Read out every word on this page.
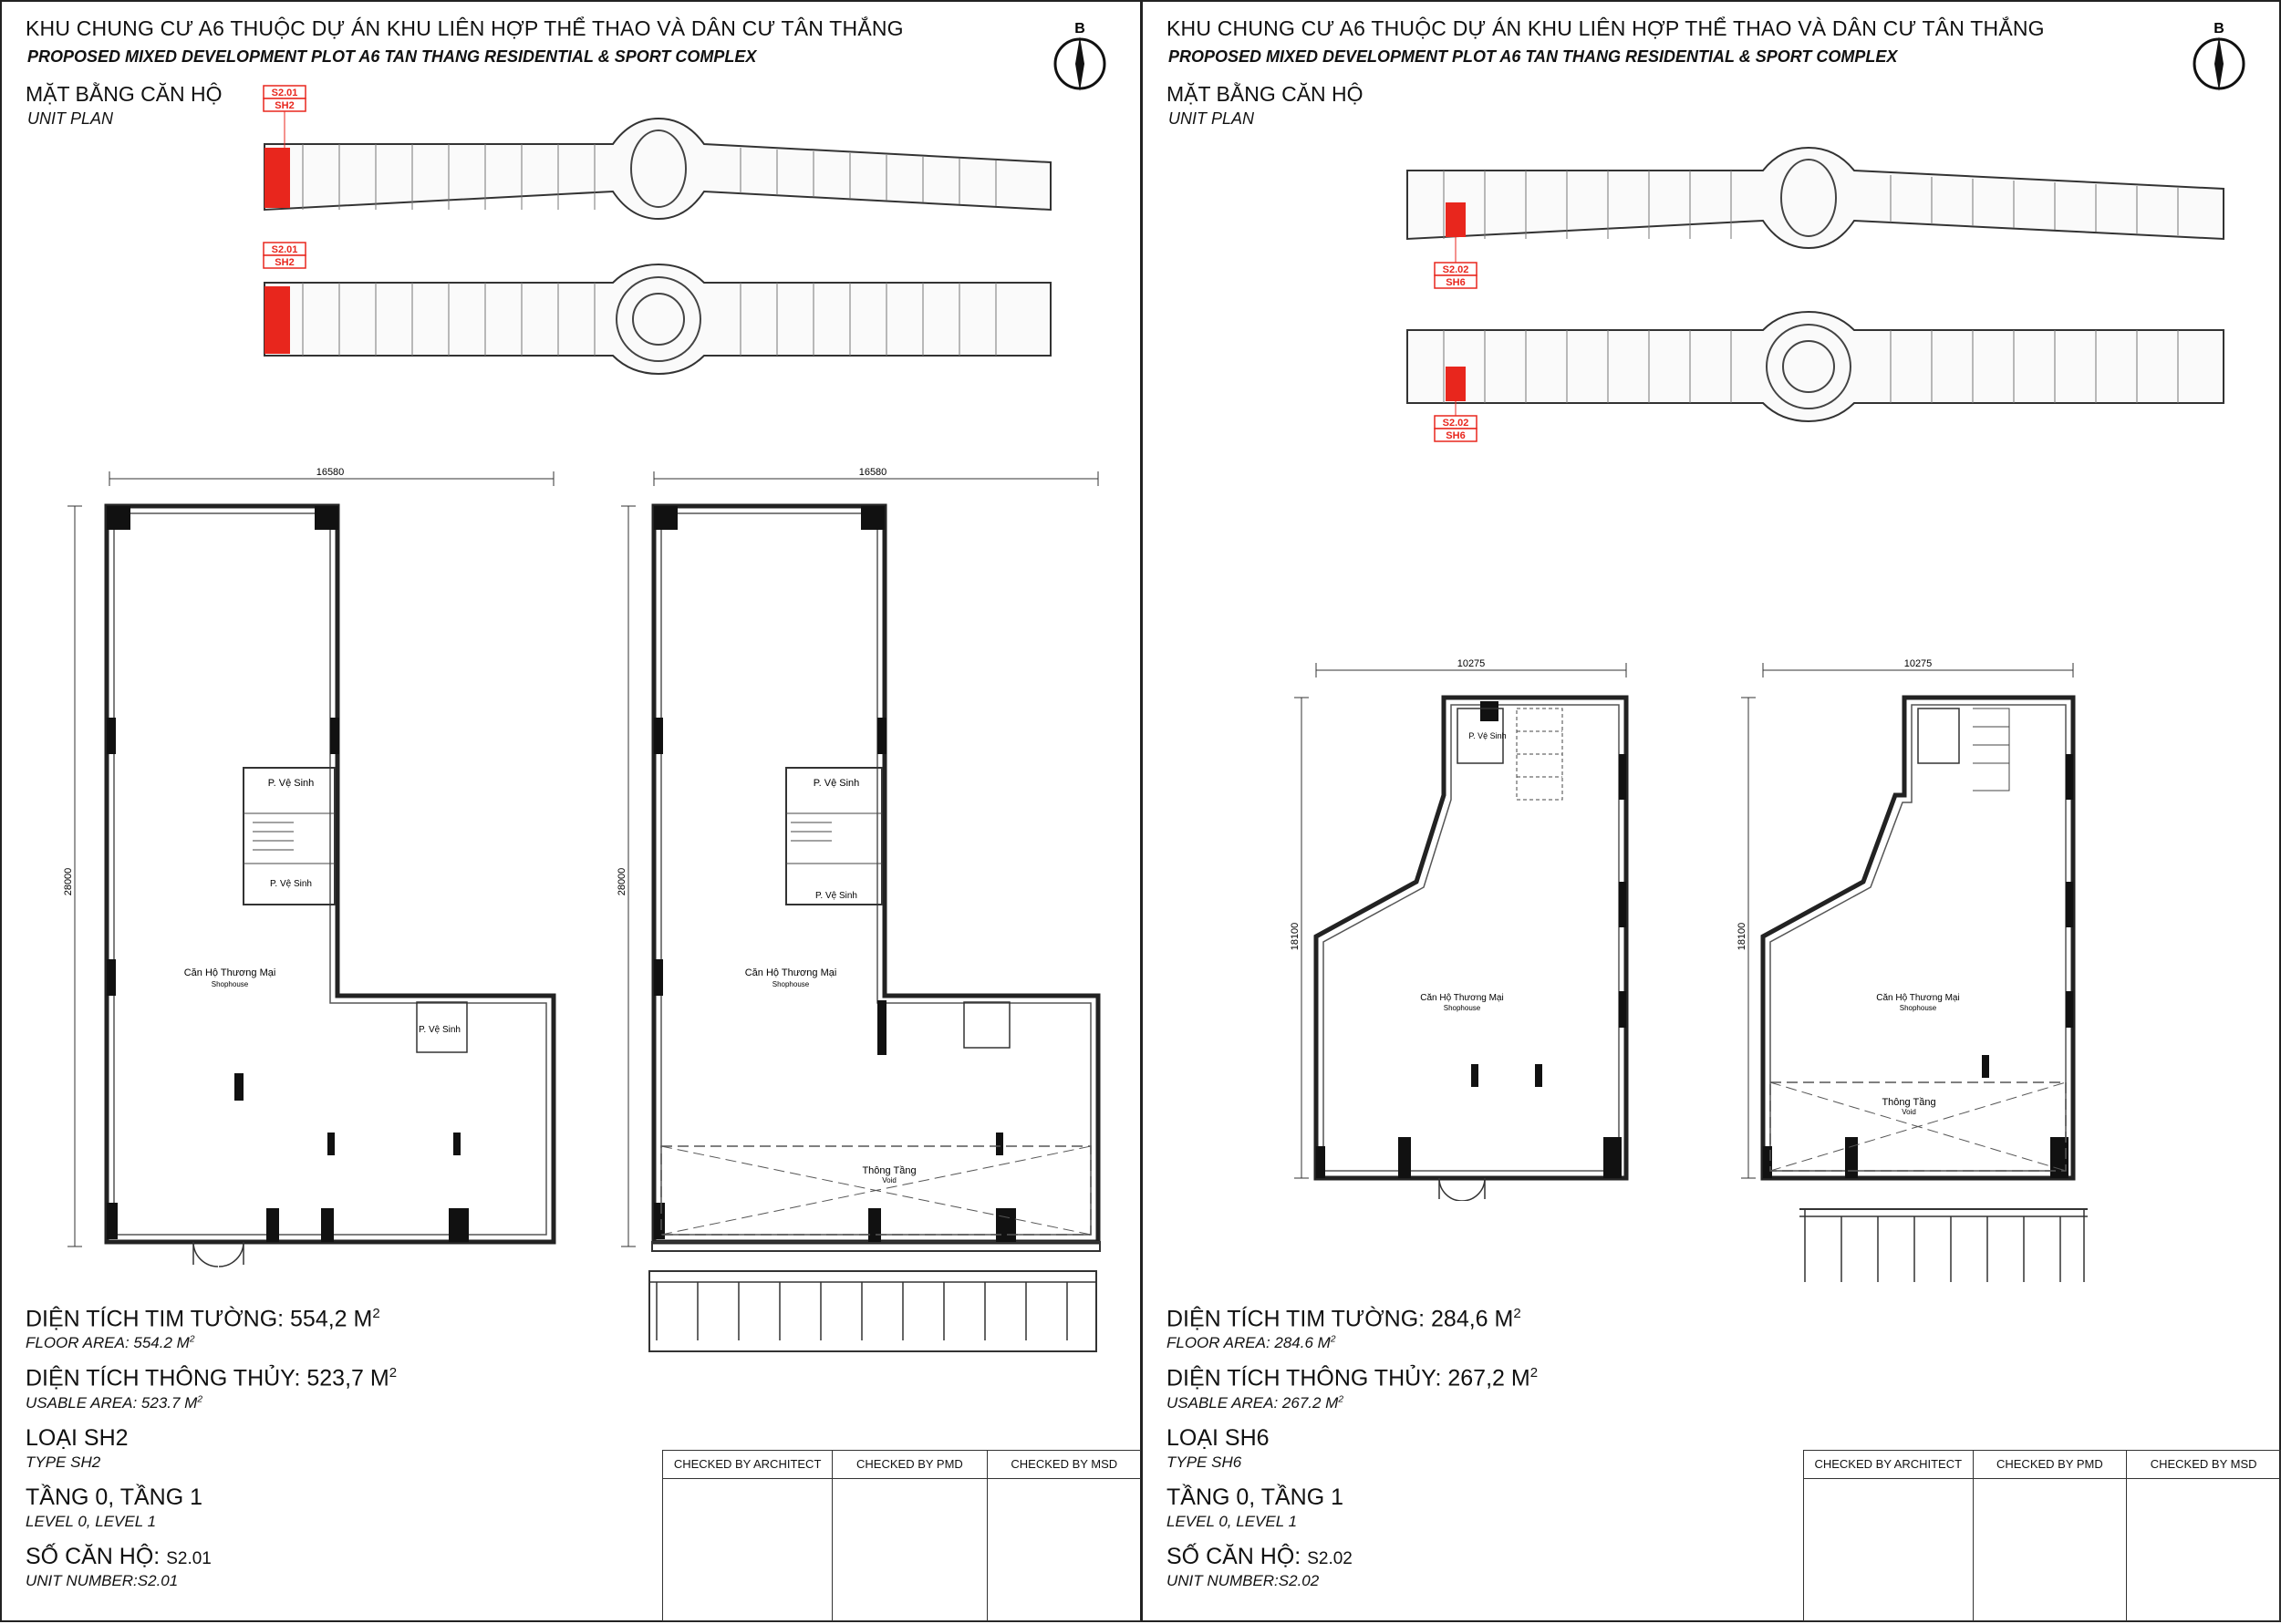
KHU CHUNG CƯ A6 THUỘC DỰ ÁN KHU LIÊN HỢP THỂ THAO VÀ DÂN CƯ TÂN THẮNG
PROPOSED MIXED DEVELOPMENT PLOT A6 TAN THANG RESIDENTIAL & SPORT COMPLEX
MẶT BẰNG CĂN HỘ
UNIT PLAN
B
S2.01
SH2
S2.01
SH2
16580
28000
P. Vệ Sinh
P. Vệ Sinh
P. Vệ Sinh
Căn Hộ Thương Mại
Shophouse
16580
28000
P. Vệ Sinh
P. Vệ Sinh
Căn Hộ Thương Mại
Shophouse
Thông Tầng
Void
DIỆN TÍCH TIM TƯỜNG: 554,2 $M^2$
FLOOR AREA: 554.2 $M^2$
DIỆN TÍCH THÔNG THỦY: 523,7 $M^2$
USABLE AREA: 523.7 $M^2$
LOẠI SH2
TYPE SH2
TẦNG 0, TẦNG 1
LEVEL 0, LEVEL 1
SỐ CĂN HỘ: S2.01
UNIT NUMBER:S2.01
CHECKED BY ARCHITECT	CHECKED BY PMD	CHECKED BY MSD
KHU CHUNG CƯ A6 THUỘC DỰ ÁN KHU LIÊN HỢP THỂ THAO VÀ DÂN CƯ TÂN THẮNG
PROPOSED MIXED DEVELOPMENT PLOT A6 TAN THANG RESIDENTIAL & SPORT COMPLEX
MẶT BẰNG CĂN HỘ
UNIT PLAN
B
S2.02
SH6
S2.02
SH6
10275
18100
P. Vệ Sinh
Căn Hộ Thương Mại
Shophouse
10275
18100
Căn Hộ Thương Mại
Shophouse
Thông Tầng
Void
DIỆN TÍCH TIM TƯỜNG: 284,6 $M^2$
FLOOR AREA: 284.6 $M^2$
DIỆN TÍCH THÔNG THỦY: 267,2 $M^2$
USABLE AREA: 267.2 $M^2$
LOẠI SH6
TYPE SH6
TẦNG 0, TẦNG 1
LEVEL 0, LEVEL 1
SỐ CĂN HỘ: S2.02
UNIT NUMBER:S2.02
CHECKED BY ARCHITECT	CHECKED BY PMD	CHECKED BY MSD
